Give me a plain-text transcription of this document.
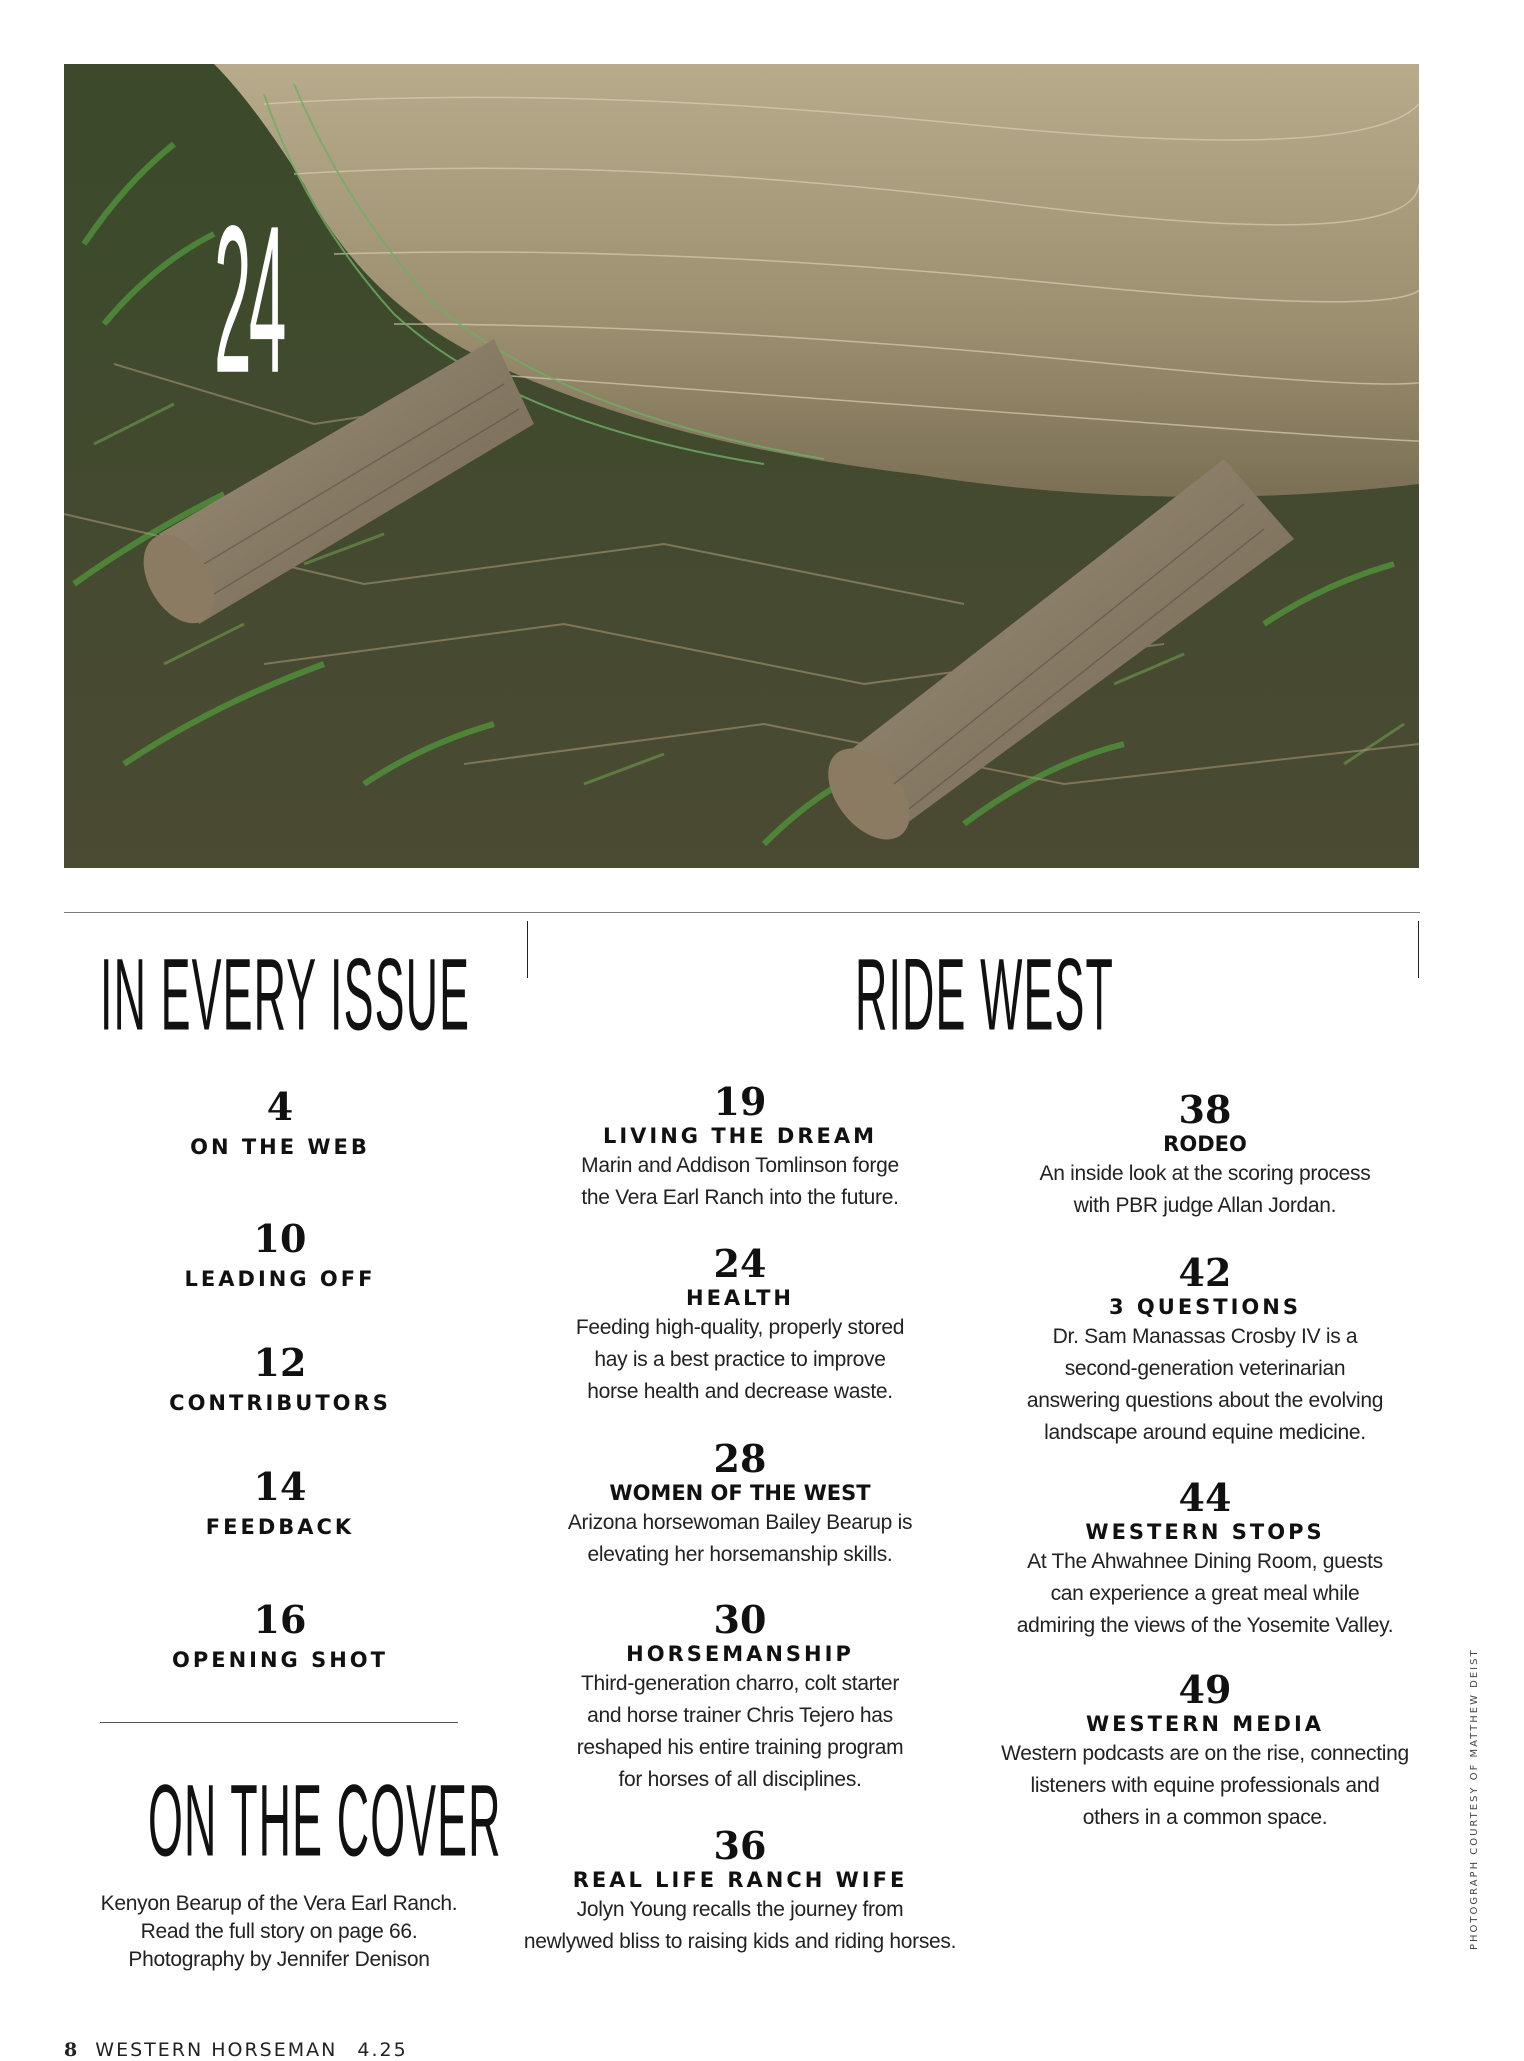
24
IN EVERY ISSUE	RIDE WEST
ON THE COVER
4
ON THE WEB
10
LEADING OFF
12
CONTRIBUTORS
14
FEEDBACK
16
OPENING SHOT
Kenyon Bearup of the Vera Earl Ranch.
Read the full story on page 66.
Photography by Jennifer Denison
19
LIVING THE DREAM
Marin and Addison Tomlinson forge
the Vera Earl Ranch into the future.
24
HEALTH
Feeding high-quality, properly stored
hay is a best practice to improve
horse health and decrease waste.
28
WOMEN OF THE WEST
Arizona horsewoman Bailey Bearup is
elevating her horsemanship skills.
30
HORSEMANSHIP
Third-generation charro, colt starter
and horse trainer Chris Tejero has
reshaped his entire training program
for horses of all disciplines.
36
REAL LIFE RANCH WIFE
Jolyn Young recalls the journey from
newlywed bliss to raising kids and riding horses.
38
RODEO
An inside look at the scoring process
with PBR judge Allan Jordan.
42
3 QUESTIONS
Dr. Sam Manassas Crosby IV is a
second-generation veterinarian
answering questions about the evolving
landscape around equine medicine.
44
WESTERN STOPS
At The Ahwahnee Dining Room, guests
can experience a great meal while
admiring the views of the Yosemite Valley.
49
WESTERN MEDIA
Western podcasts are on the rise, connecting
listeners with equine professionals and
others in a common space.	PHOTOGRAPH COURTESY OF MATTHEW DEIST
8 WESTERN HORSEMAN 4.25
